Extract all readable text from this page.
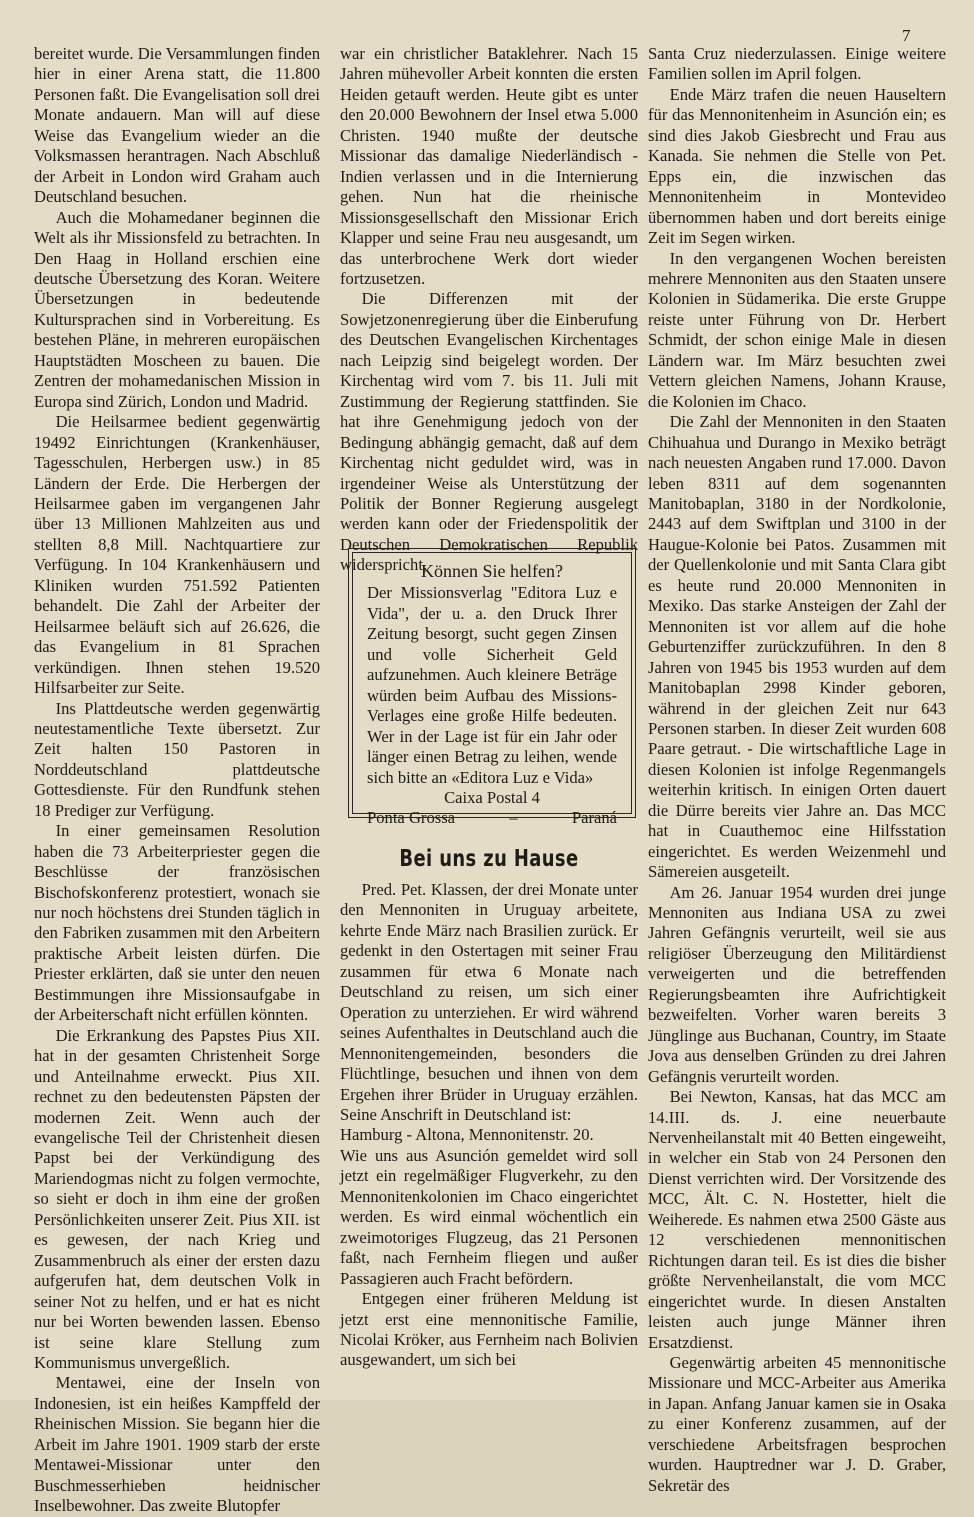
7

bereitet wurde. Die Versammlungen finden hier in einer Arena statt, die 11.800 Personen faßt. Die Evangelisation soll drei Monate andauern. Man will auf diese Weise das Evangelium wieder an die Volksmassen herantragen. Nach Abschluß der Arbeit in London wird Graham auch Deutschland besuchen.

Auch die Mohamedaner beginnen die Welt als ihr Missionsfeld zu betrachten. In Den Haag in Holland erschien eine deutsche Übersetzung des Koran. Weitere Übersetzungen in bedeutende Kultursprachen sind in Vorbereitung. Es bestehen Pläne, in mehreren europäischen Hauptstädten Moscheen zu bauen. Die Zentren der mohamedanischen Mission in Europa sind Zürich, London und Madrid.

Die Heilsarmee bedient gegenwärtig 19492 Einrichtungen (Krankenhäuser, Tagesschulen, Herbergen usw.) in 85 Ländern der Erde. Die Herbergen der Heilsarmee gaben im vergangenen Jahr über 13 Millionen Mahlzeiten aus und stellten 8,8 Mill. Nachtquartiere zur Verfügung. In 104 Krankenhäusern und Kliniken wurden 751.592 Patienten behandelt. Die Zahl der Arbeiter der Heilsarmee beläuft sich auf 26.626, die das Evangelium in 81 Sprachen verkündigen. Ihnen stehen 19.520 Hilfsarbeiter zur Seite.

Ins Plattdeutsche werden gegenwärtig neutestamentliche Texte übersetzt. Zur Zeit halten 150 Pastoren in Norddeutschland plattdeutsche Gottesdienste. Für den Rundfunk stehen 18 Prediger zur Verfügung.

In einer gemeinsamen Resolution haben die 73 Arbeiterpriester gegen die Beschlüsse der französischen Bischofskonferenz protestiert, wonach sie nur noch höchstens drei Stunden täglich in den Fabriken zusammen mit den Arbeitern praktische Arbeit leisten dürfen. Die Priester erklärten, daß sie unter den neuen Bestimmungen ihre Missionsaufgabe in der Arbeiterschaft nicht erfüllen könnten.

Die Erkrankung des Papstes Pius XII. hat in der gesamten Christenheit Sorge und Anteilnahme erweckt. Pius XII. rechnet zu den bedeutensten Päpsten der modernen Zeit. Wenn auch der evangelische Teil der Christenheit diesen Papst bei der Verkündigung des Mariendogmas nicht zu folgen vermochte, so sieht er doch in ihm eine der großen Persönlichkeiten unserer Zeit. Pius XII. ist es gewesen, der nach Krieg und Zusammenbruch als einer der ersten dazu aufgerufen hat, dem deutschen Volk in seiner Not zu helfen, und er hat es nicht nur bei Worten bewenden lassen. Ebenso ist seine klare Stellung zum Kommunismus unvergeßlich.

Mentawei, eine der Inseln von Indonesien, ist ein heißes Kampffeld der Rheinischen Mission. Sie begann hier die Arbeit im Jahre 1901. 1909 starb der erste Mentawei-Missionar unter den Buschmesserhieben heidnischer Inselbewohner. Das zweite Blutopfer

war ein christlicher Bataklehrer. Nach 15 Jahren mühevoller Arbeit konnten die ersten Heiden getauft werden. Heute gibt es unter den 20.000 Bewohnern der Insel etwa 5.000 Christen. 1940 mußte der deutsche Missionar das damalige Niederländisch - Indien verlassen und in die Internierung gehen. Nun hat die rheinische Missionsgesellschaft den Missionar Erich Klapper und seine Frau neu ausgesandt, um das unterbrochene Werk dort wieder fortzusetzen.

Die Differenzen mit der Sowjetzonenregierung über die Einberufung des Deutschen Evangelischen Kirchentages nach Leipzig sind beigelegt worden. Der Kirchentag wird vom 7. bis 11. Juli mit Zustimmung der Regierung stattfinden. Sie hat ihre Genehmigung jedoch von der Bedingung abhängig gemacht, daß auf dem Kirchentag nicht geduldet wird, was in irgendeiner Weise als Unterstützung der Politik der Bonner Regierung ausgelegt werden kann oder der Friedenspolitik der Deutschen Demokratischen Republik widerspricht.

Können Sie helfen?

Der Missionsverlag "Editora Luz e Vida", der u. a. den Druck Ihrer Zeitung besorgt, sucht gegen Zinsen und volle Sicherheit Geld aufzunehmen. Auch kleinere Beträge würden beim Aufbau des Missions-Verlages eine große Hilfe bedeuten. Wer in der Lage ist für ein Jahr oder länger einen Betrag zu leihen, wende sich bitte an «Editora Luz e Vida»

Caixa Postal 4

Ponta Grossa	–	Paraná

Bei uns zu Hause

Pred. Pet. Klassen, der drei Monate unter den Mennoniten in Uruguay arbeitete, kehrte Ende März nach Brasilien zurück. Er gedenkt in den Ostertagen mit seiner Frau zusammen für etwa 6 Monate nach Deutschland zu reisen, um sich einer Operation zu unterziehen. Er wird während seines Aufenthaltes in Deutschland auch die Mennonitengemeinden, besonders die Flüchtlinge, besuchen und ihnen von dem Ergehen ihrer Brüder in Uruguay erzählen. Seine Anschrift in Deutschland ist:

Hamburg - Altona, Mennonitenstr. 20.

Wie uns aus Asunción gemeldet wird soll jetzt ein regelmäßiger Flugverkehr, zu den Mennonitenkolonien im Chaco eingerichtet werden. Es wird einmal wöchentlich ein zweimotoriges Flugzeug, das 21 Personen faßt, nach Fernheim fliegen und außer Passagieren auch Fracht befördern.

Entgegen einer früheren Meldung ist jetzt erst eine mennonitische Familie, Nicolai Kröker, aus Fernheim nach Bolivien ausgewandert, um sich bei

Santa Cruz niederzulassen. Einige weitere Familien sollen im April folgen.

Ende März trafen die neuen Hauseltern für das Mennonitenheim in Asunción ein; es sind dies Jakob Giesbrecht und Frau aus Kanada. Sie nehmen die Stelle von Pet. Epps ein, die inzwischen das Mennonitenheim in Montevideo übernommen haben und dort bereits einige Zeit im Segen wirken.

In den vergangenen Wochen bereisten mehrere Mennoniten aus den Staaten unsere Kolonien in Südamerika. Die erste Gruppe reiste unter Führung von Dr. Herbert Schmidt, der schon einige Male in diesen Ländern war. Im März besuchten zwei Vettern gleichen Namens, Johann Krause, die Kolonien im Chaco.

Die Zahl der Mennoniten in den Staaten Chihuahua und Durango in Mexiko beträgt nach neuesten Angaben rund 17.000. Davon leben 8311 auf dem sogenannten Manitobaplan, 3180 in der Nordkolonie, 2443 auf dem Swiftplan und 3100 in der Haugue-Kolonie bei Patos. Zusammen mit der Quellenkolonie und mit Santa Clara gibt es heute rund 20.000 Mennoniten in Mexiko. Das starke Ansteigen der Zahl der Mennoniten ist vor allem auf die hohe Geburtenziffer zurückzuführen. In den 8 Jahren von 1945 bis 1953 wurden auf dem Manitobaplan 2998 Kinder geboren, während in der gleichen Zeit nur 643 Personen starben. In dieser Zeit wurden 608 Paare getraut. - Die wirtschaftliche Lage in diesen Kolonien ist infolge Regenmangels weiterhin kritisch. In einigen Orten dauert die Dürre bereits vier Jahre an. Das MCC hat in Cuauthemoc eine Hilfsstation eingerichtet. Es werden Weizenmehl und Sämereien ausgeteilt.

Am 26. Januar 1954 wurden drei junge Mennoniten aus Indiana USA zu zwei Jahren Gefängnis verurteilt, weil sie aus religiöser Überzeugung den Militärdienst verweigerten und die betreffenden Regierungsbeamten ihre Aufrichtigkeit bezweifelten. Vorher waren bereits 3 Jünglinge aus Buchanan, Country, im Staate Jova aus denselben Gründen zu drei Jahren Gefängnis verurteilt worden.

Bei Newton, Kansas, hat das MCC am 14.III. ds. J. eine neuerbaute Nervenheilanstalt mit 40 Betten eingeweiht, in welcher ein Stab von 24 Personen den Dienst verrichten wird. Der Vorsitzende des MCC, Ält. C. N. Hostetter, hielt die Weiherede. Es nahmen etwa 2500 Gäste aus 12 verschiedenen mennonitischen Richtungen daran teil. Es ist dies die bisher größte Nervenheilanstalt, die vom MCC eingerichtet wurde. In diesen Anstalten leisten auch junge Männer ihren Ersatzdienst.

Gegenwärtig arbeiten 45 mennonitische Missionare und MCC-Arbeiter aus Amerika in Japan. Anfang Januar kamen sie in Osaka zu einer Konferenz zusammen, auf der verschiedene Arbeitsfragen besprochen wurden. Hauptredner war J. D. Graber, Sekretär des
